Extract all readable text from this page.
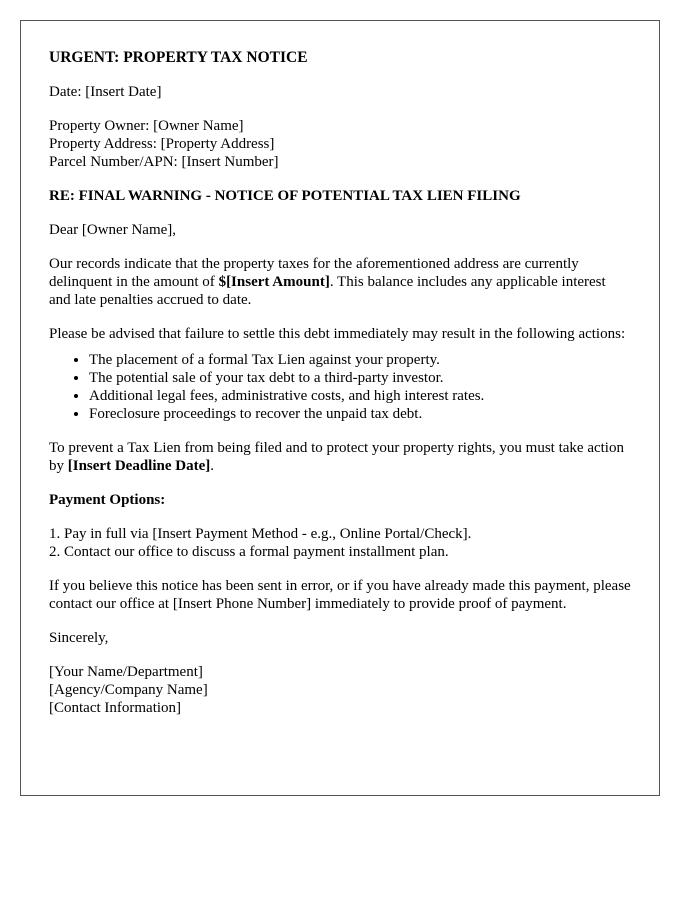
URGENT: PROPERTY TAX NOTICE

Date: [Insert Date]

Property Owner: [Owner Name]
Property Address: [Property Address]
Parcel Number/APN: [Insert Number]

RE: FINAL WARNING - NOTICE OF POTENTIAL TAX LIEN FILING

Dear [Owner Name],

Our records indicate that the property taxes for the aforementioned address are currently delinquent in the amount of $[Insert Amount]. This balance includes any applicable interest and late penalties accrued to date.

Please be advised that failure to settle this debt immediately may result in the following actions:

• The placement of a formal Tax Lien against your property.
• The potential sale of your tax debt to a third-party investor.
• Additional legal fees, administrative costs, and high interest rates.
• Foreclosure proceedings to recover the unpaid tax debt.

To prevent a Tax Lien from being filed and to protect your property rights, you must take action by [Insert Deadline Date].

Payment Options:

1. Pay in full via [Insert Payment Method - e.g., Online Portal/Check].
2. Contact our office to discuss a formal payment installment plan.

If you believe this notice has been sent in error, or if you have already made this payment, please contact our office at [Insert Phone Number] immediately to provide proof of payment.

Sincerely,

[Your Name/Department]
[Agency/Company Name]
[Contact Information]
